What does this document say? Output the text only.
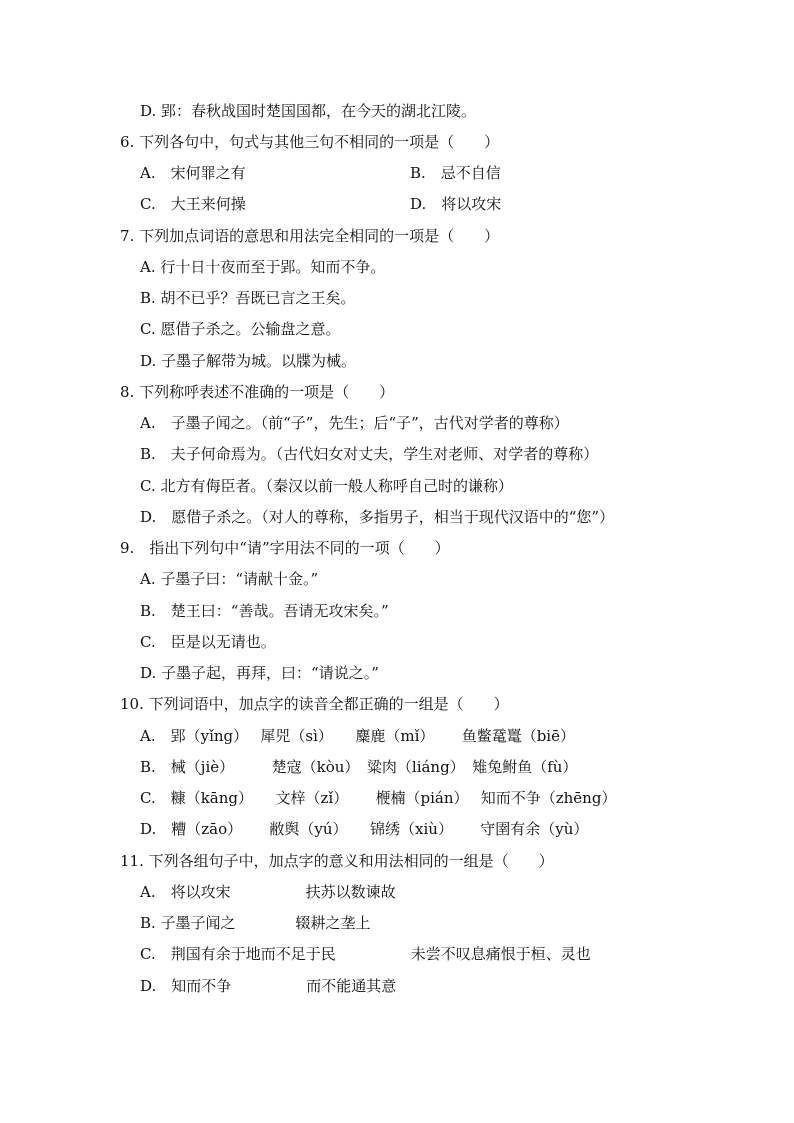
D. 郢：春秋战国时楚国国都，在今天的湖北江陵。
6. 下列各句中，句式与其他三句不相同的一项是（　　）
A.　宋何罪之有	B.　忌不自信
C.　大王来何操	D.　将以攻宋
7. 下列加点词语的意思和用法完全相同的一项是（　　）
A. 行十日十夜而至于郢。知而不争。
B. 胡不已乎？吾既已言之王矣。
C. 愿借子杀之。公输盘之意。
D. 子墨子解带为城。以牒为械。
8. 下列称呼表述不准确的一项是（　　）
A.　子墨子闻之。（前“子”，先生；后“子”，古代对学者的尊称）
B.　夫子何命焉为。（古代妇女对丈夫，学生对老师、对学者的尊称）
C. 北方有侮臣者。（秦汉以前一般人称呼自己时的谦称）
D.　愿借子杀之。（对人的尊称，多指男子，相当于现代汉语中的“您”）
9.　指出下列句中“请”字用法不同的一项（　　）
A. 子墨子曰：“请献十金。”
B.　楚王曰：“善哉。吾请无攻宋矣。”
C.　臣是以无请也。
D. 子墨子起，再拜，曰：“请说之。”
10. 下列词语中，加点字的读音全都正确的一组是（　　）
A.　郢（yǐng）　 犀兕（sì）　　麋鹿（mǐ）　　 鱼鳖鼋鼍（biē）
B.　械（jiè）　　　楚寇（kòu）　粱肉（liáng）　雉兔鲋鱼（fù）
C.　糠（kāng）　　文梓（zǐ）　　 楩楠（pián）　 知而不争（zhēng）
D.　糟（zāo）　　 敝舆（yú）　　锦绣（xiù）　　 守圉有余（yù）
11. 下列各组句子中，加点字的意义和用法相同的一组是（　　）
A.　将以攻宋　　　　　扶苏以数谏故
B. 子墨子闻之　　　　辍耕之垄上
C.　荆国有余于地而不足于民　　　　　未尝不叹息痛恨于桓、灵也
D.　知而不争　　　　　而不能通其意
